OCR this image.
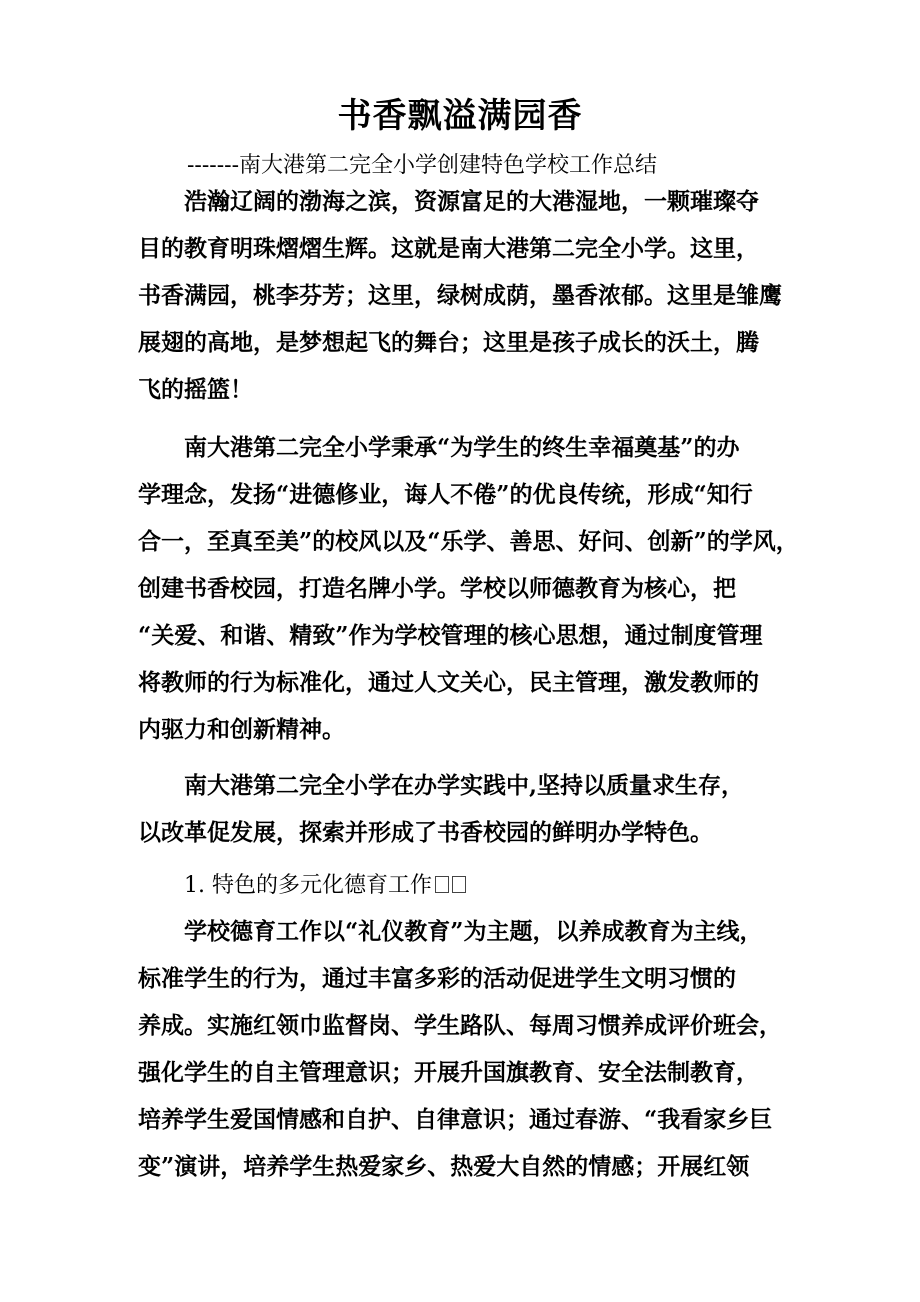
书香飘溢满园香
-------南大港第二完全小学创建特色学校工作总结
浩瀚辽阔的渤海之滨，资源富足的大港湿地，一颗璀璨夺
目的教育明珠熠熠生辉。这就是南大港第二完全小学。这里，
书香满园，桃李芬芳；这里，绿树成荫，墨香浓郁。这里是雏鹰
展翅的高地，是梦想起飞的舞台；这里是孩子成长的沃土，腾
飞的摇篮！
南大港第二完全小学秉承“为学生的终生幸福奠基”的办
学理念，发扬“进德修业，诲人不倦”的优良传统，形成“知行
合一，至真至美”的校风以及“乐学、善思、好问、创新”的学风，
创建书香校园，打造名牌小学。学校以师德教育为核心，把
“关爱、和谐、精致”作为学校管理的核心思想，通过制度管理
将教师的行为标准化，通过人文关心，民主管理，激发教师的
内驱力和创新精神。
南大港第二完全小学在办学实践中,坚持以质量求生存，
以改革促发展，探索并形成了书香校园的鲜明办学特色。
1. 特色的多元化德育工作
学校德育工作以“礼仪教育”为主题，以养成教育为主线，
标准学生的行为，通过丰富多彩的活动促进学生文明习惯的
养成。实施红领巾监督岗、学生路队、每周习惯养成评价班会，
强化学生的自主管理意识；开展升国旗教育、安全法制教育，
培养学生爱国情感和自护、自律意识；通过春游、“我看家乡巨
变”演讲，培养学生热爱家乡、热爱大自然的情感；开展红领
